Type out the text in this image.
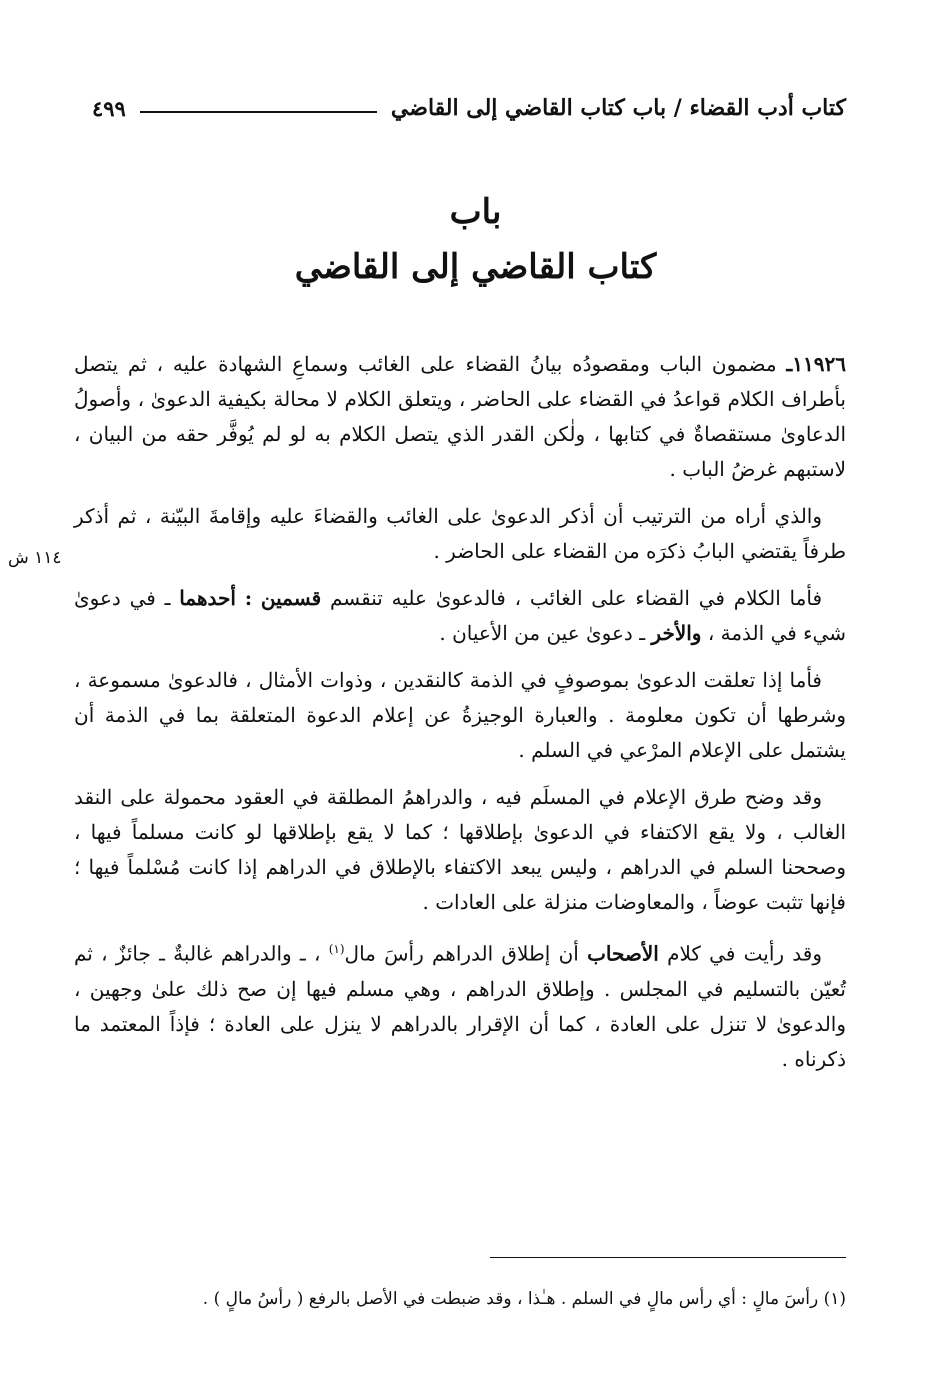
كتاب أدب القضاء / باب كتاب القاضي إلى القاضي
٤٩٩
باب
كتاب القاضي إلى القاضي
١١٤ ش

١١٩٢٦ـ مضمون الباب ومقصودُه بيانُ القضاء على الغائب وسماعِ الشهادة عليه ، ثم يتصل بأطراف الكلام قواعدُ في القضاء على الحاضر ، ويتعلق الكلام لا محالة بكيفية الدعوىٰ ، وأصولُ الدعاوىٰ مستقصاةٌ في كتابها ، ولٰكن القدر الذي يتصل الكلام به لو لم يُوفَّر حقه من البيان ، لاستبهم غرضُ الباب .

والذي أراه من الترتيب أن أذكر الدعوىٰ على الغائب والقضاءَ عليه وإقامةَ البيّنة ، ثم أذكر طرفاً يقتضي البابُ ذكرَه من القضاء على الحاضر .

فأما الكلام في القضاء على الغائب ، فالدعوىٰ عليه تنقسم قسمين : أحدهما ـ في دعوىٰ شيء في الذمة ، والأخر ـ دعوىٰ عين من الأعيان .

فأما إذا تعلقت الدعوىٰ بموصوفٍ في الذمة كالنقدين ، وذوات الأمثال ، فالدعوىٰ مسموعة ، وشرطها أن تكون معلومة . والعبارة الوجيزةُ عن إعلام الدعوة المتعلقة بما في الذمة أن يشتمل على الإعلام المرْعي في السلم .

وقد وضح طرق الإعلام في المسلَم فيه ، والدراهمُ المطلقة في العقود محمولة على النقد الغالب ، ولا يقع الاكتفاء في الدعوىٰ بإطلاقها ؛ كما لا يقع بإطلاقها لو كانت مسلماً فيها ، وصححنا السلم في الدراهم ، وليس يبعد الاكتفاء بالإطلاق في الدراهم إذا كانت مُسْلماً فيها ؛ فإنها تثبت عوضاً ، والمعاوضات منزلة على العادات .

وقد رأيت في كلام الأصحاب أن إطلاق الدراهم رأسَ مال$^{(١)}$ ، ـ والدراهم غالبةٌ ـ جائزٌ ، ثم تُعيّن بالتسليم في المجلس . وإطلاق الدراهم ، وهي مسلم فيها إن صح ذلك علىٰ وجهين ، والدعوىٰ لا تنزل على العادة ، كما أن الإقرار بالدراهم لا ينزل على العادة ؛ فإذاً المعتمد ما ذكرناه .

(١) رأسَ مالٍ : أي رأس مالٍ في السلم . هـٰذا ، وقد ضبطت في الأصل بالرفع ( رأسُ مالٍ ) .
